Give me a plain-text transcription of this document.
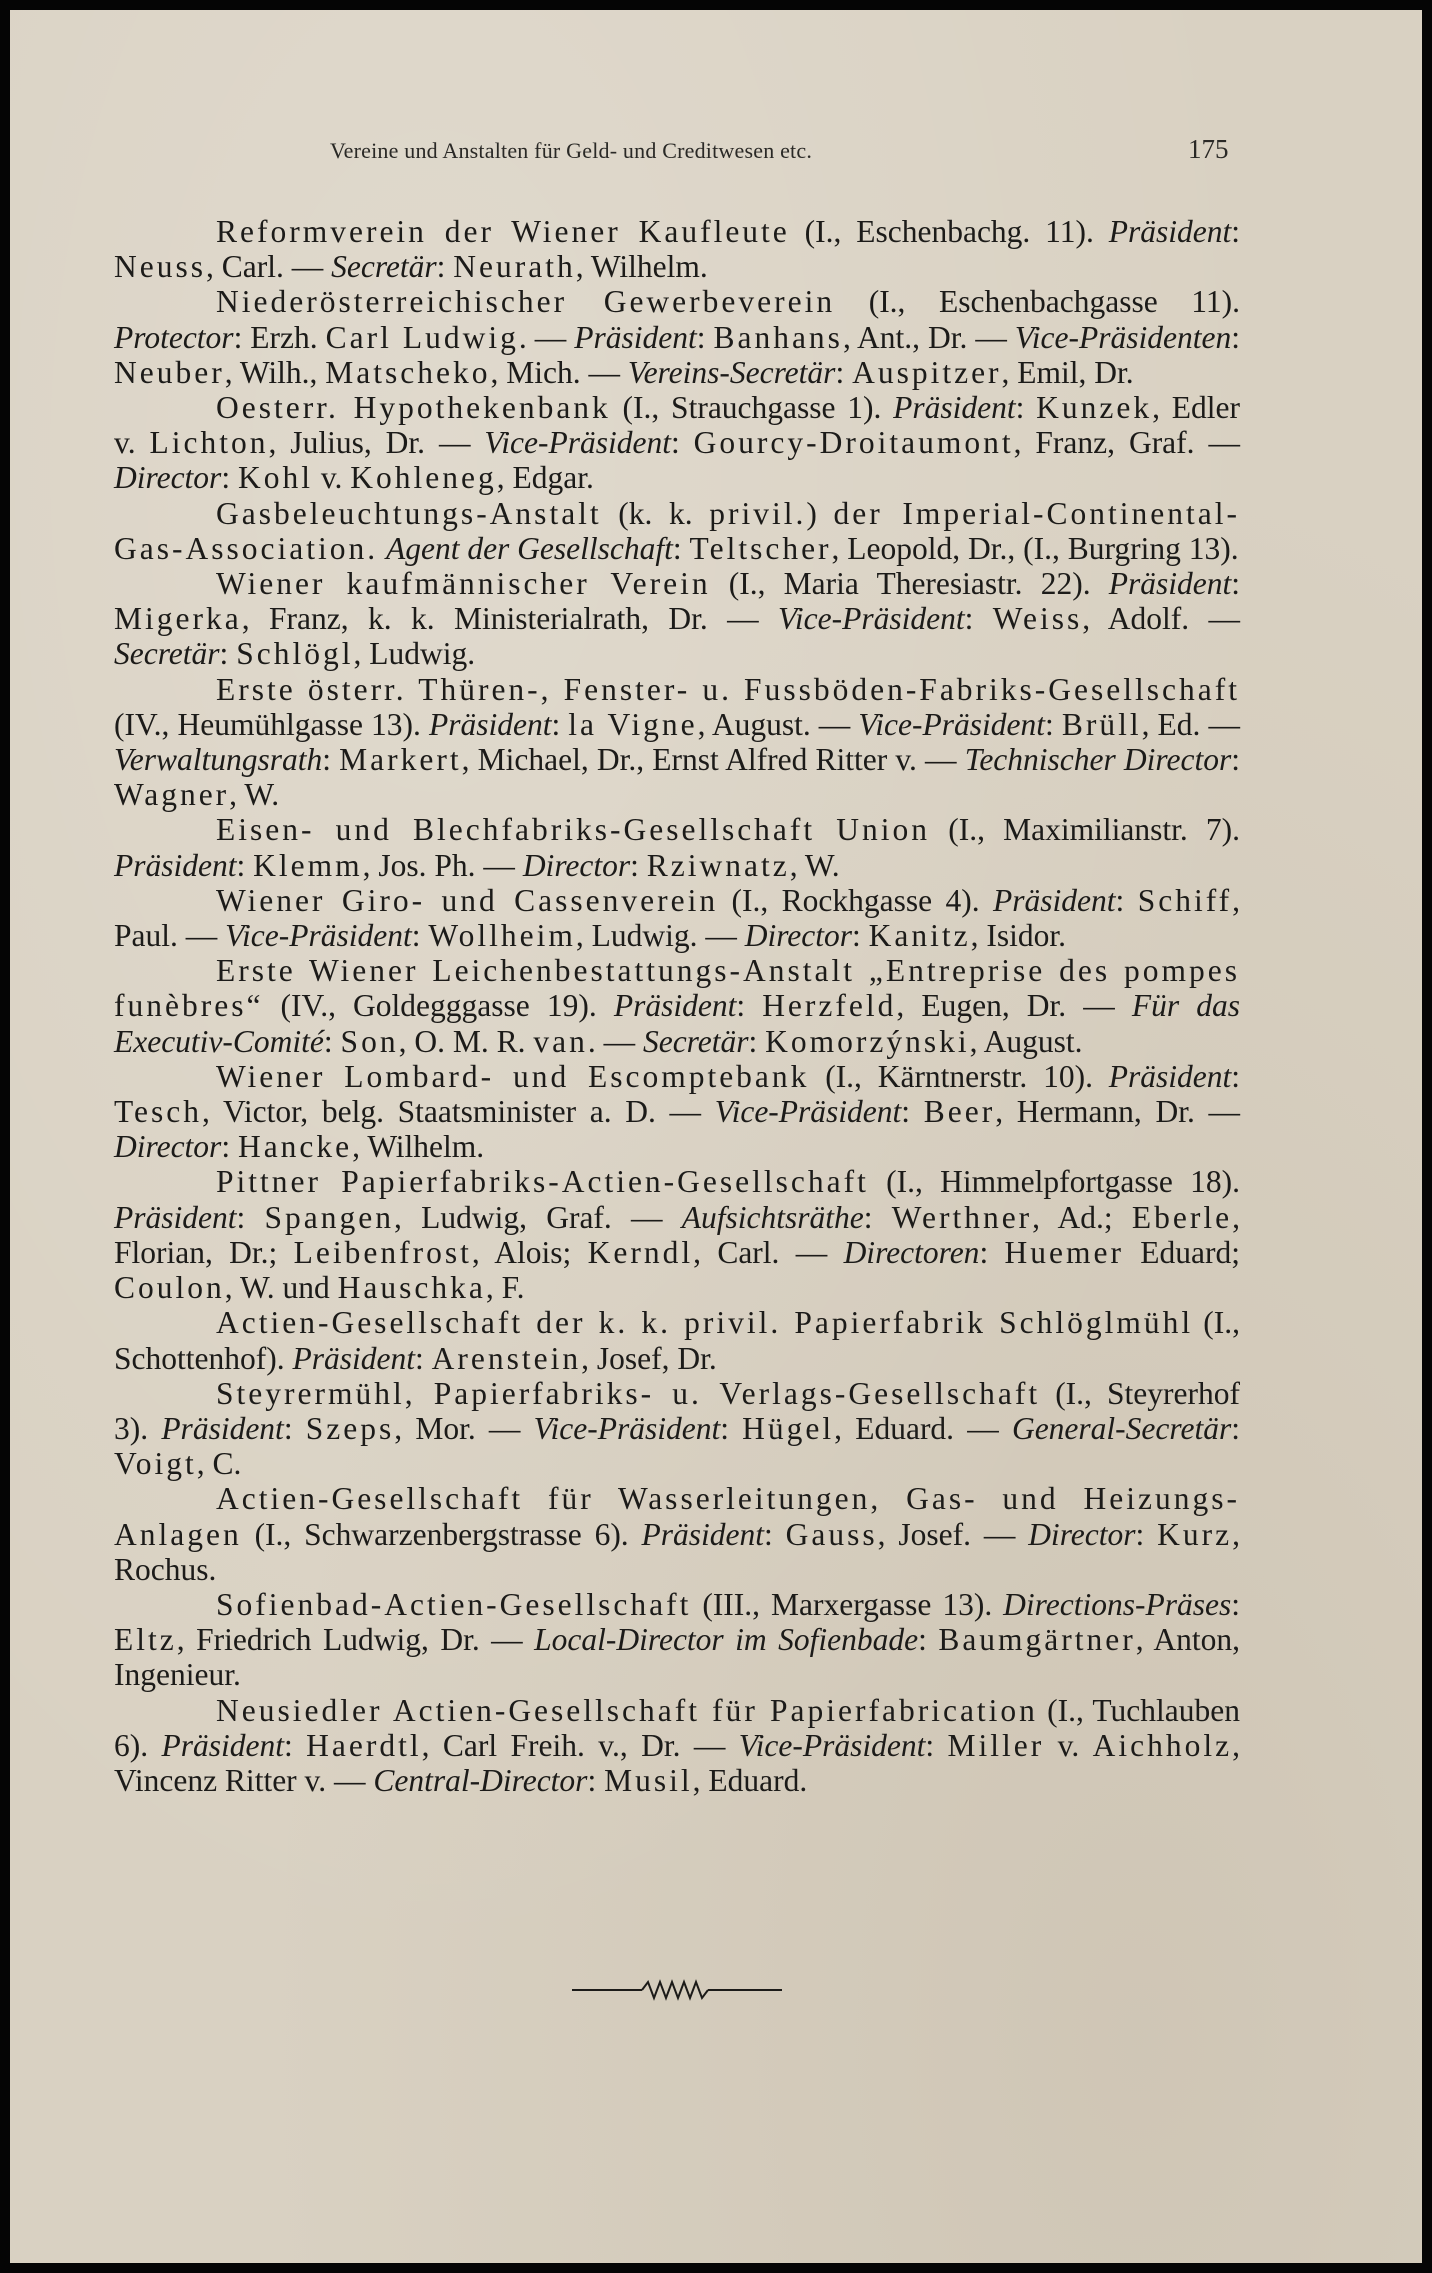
Vereine und Anstalten für Geld- und Creditwesen etc.	175

Reformverein der Wiener Kaufleute (I., Eschenbachg. 11). Präsident: Neuss, Carl. — Secretär: Neurath, Wilhelm.

Niederösterreichischer Gewerbeverein (I., Eschenbachgasse 11). Protector: Erzh. Carl Ludwig. — Präsident: Banhans, Ant., Dr. — Vice-Präsidenten: Neuber, Wilh., Matscheko, Mich. — Vereins-Secretär: Auspitzer, Emil, Dr.

Oesterr. Hypothekenbank (I., Strauchgasse 1). Präsident: Kunzek, Edler v. Lichton, Julius, Dr. — Vice-Präsident: Gourcy-Droitaumont, Franz, Graf. — Director: Kohl v. Kohleneg, Edgar.

Gasbeleuchtungs-Anstalt (k. k. privil.) der Imperial-Continental-Gas-Association. Agent der Gesellschaft: Teltscher, Leopold, Dr., (I., Burgring 13).

Wiener kaufmännischer Verein (I., Maria Theresiastr. 22). Präsident: Migerka, Franz, k. k. Ministerialrath, Dr. — Vice-Präsident: Weiss, Adolf. — Secretär: Schlögl, Ludwig.

Erste österr. Thüren-, Fenster- u. Fussböden-Fabriks-Gesellschaft (IV., Heumühlgasse 13). Präsident: la Vigne, August. — Vice-Präsident: Brüll, Ed. — Verwaltungsrath: Markert, Michael, Dr., Ernst Alfred Ritter v. — Technischer Director: Wagner, W.

Eisen- und Blechfabriks-Gesellschaft Union (I., Maximilianstr. 7). Präsident: Klemm, Jos. Ph. — Director: Rziwnatz, W.

Wiener Giro- und Cassenverein (I., Rockhgasse 4). Präsident: Schiff, Paul. — Vice-Präsident: Wollheim, Ludwig. — Director: Kanitz, Isidor.

Erste Wiener Leichenbestattungs-Anstalt „Entreprise des pompes funèbres“ (IV., Goldegggasse 19). Präsident: Herzfeld, Eugen, Dr. — Für das Executiv-Comité: Son, O. M. R. van. — Secretär: Komorzýnski, August.

Wiener Lombard- und Escomptebank (I., Kärntnerstr. 10). Präsident: Tesch, Victor, belg. Staatsminister a. D. — Vice-Präsident: Beer, Hermann, Dr. — Director: Hancke, Wilhelm.

Pittner Papierfabriks-Actien-Gesellschaft (I., Himmelpfortgasse 18). Präsident: Spangen, Ludwig, Graf. — Aufsichtsräthe: Werthner, Ad.; Eberle, Florian, Dr.; Leibenfrost, Alois; Kerndl, Carl. — Directoren: Huemer Eduard; Coulon, W. und Hauschka, F.

Actien-Gesellschaft der k. k. privil. Papierfabrik Schlöglmühl (I., Schottenhof). Präsident: Arenstein, Josef, Dr.

Steyrermühl, Papierfabriks- u. Verlags-Gesellschaft (I., Steyrerhof 3). Präsident: Szeps, Mor. — Vice-Präsident: Hügel, Eduard. — General-Secretär: Voigt, C.

Actien-Gesellschaft für Wasserleitungen, Gas- und Heizungs-Anlagen (I., Schwarzenbergstrasse 6). Präsident: Gauss, Josef. — Director: Kurz, Rochus.

Sofienbad-Actien-Gesellschaft (III., Marxergasse 13). Directions-Präses: Eltz, Friedrich Ludwig, Dr. — Local-Director im Sofienbade: Baumgärtner, Anton, Ingenieur.

Neusiedler Actien-Gesellschaft für Papierfabrication (I., Tuchlauben 6). Präsident: Haerdtl, Carl Freih. v., Dr. — Vice-Präsident: Miller v. Aichholz, Vincenz Ritter v. — Central-Director: Musil, Eduard.
